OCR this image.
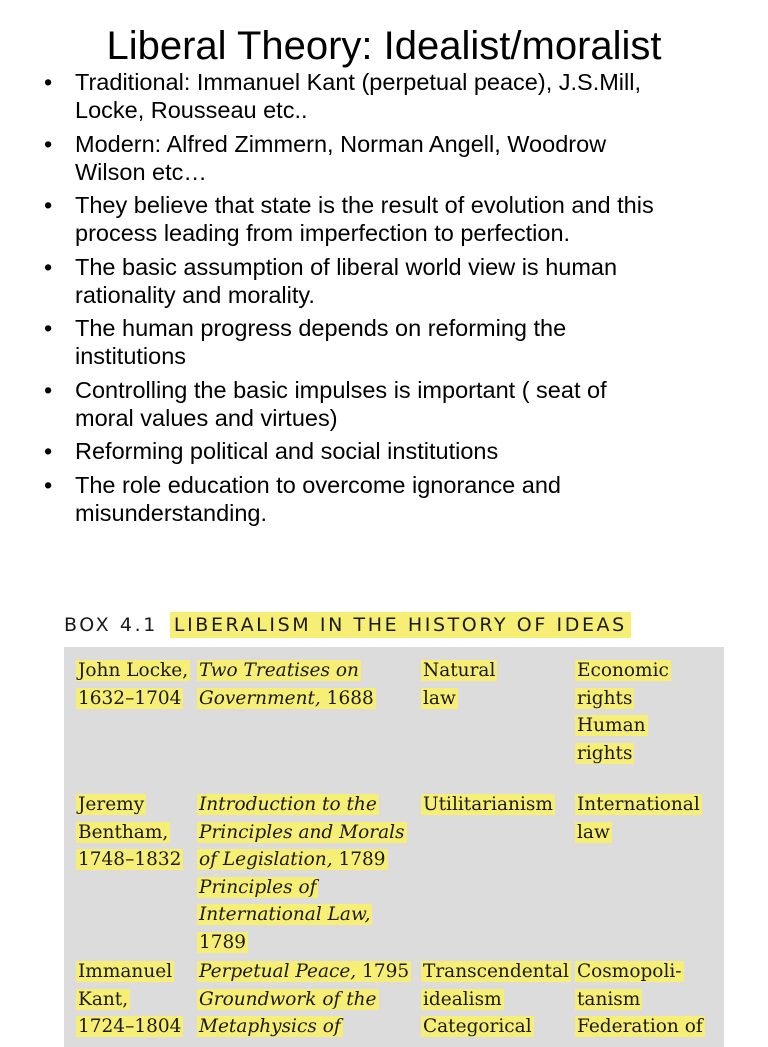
Liberal Theory: Idealist/moralist
• Traditional: Immanuel Kant (perpetual peace), J.S.Mill,
Locke, Rousseau etc..
• Modern: Alfred Zimmern, Norman Angell, Woodrow
Wilson etc…
• They believe that state is the result of evolution and this
process leading from imperfection to perfection.
• The basic assumption of liberal world view is human
rationality and morality.
• The human progress depends on reforming the
institutions
• Controlling the basic impulses is important ( seat of
moral values and virtues)
• Reforming political and social institutions
• The role education to overcome ignorance and
misunderstanding.
BOX 4.1 LIBERALISM IN THE HISTORY OF IDEAS
John Locke,
1632–1704
Two Treatises on
Government, 1688
Natural
law
Economic
rights
Human
rights
Jeremy
Bentham,
1748–1832
Introduction to the
Principles and Morals
of Legislation, 1789
Principles of
International Law,
1789
Utilitarianism	International
law
Immanuel
Kant,
1724–1804
Perpetual Peace, 1795
Groundwork of the
Metaphysics of
Transcendental
idealism
Categorical
Cosmopoli-
tanism
Federation of
